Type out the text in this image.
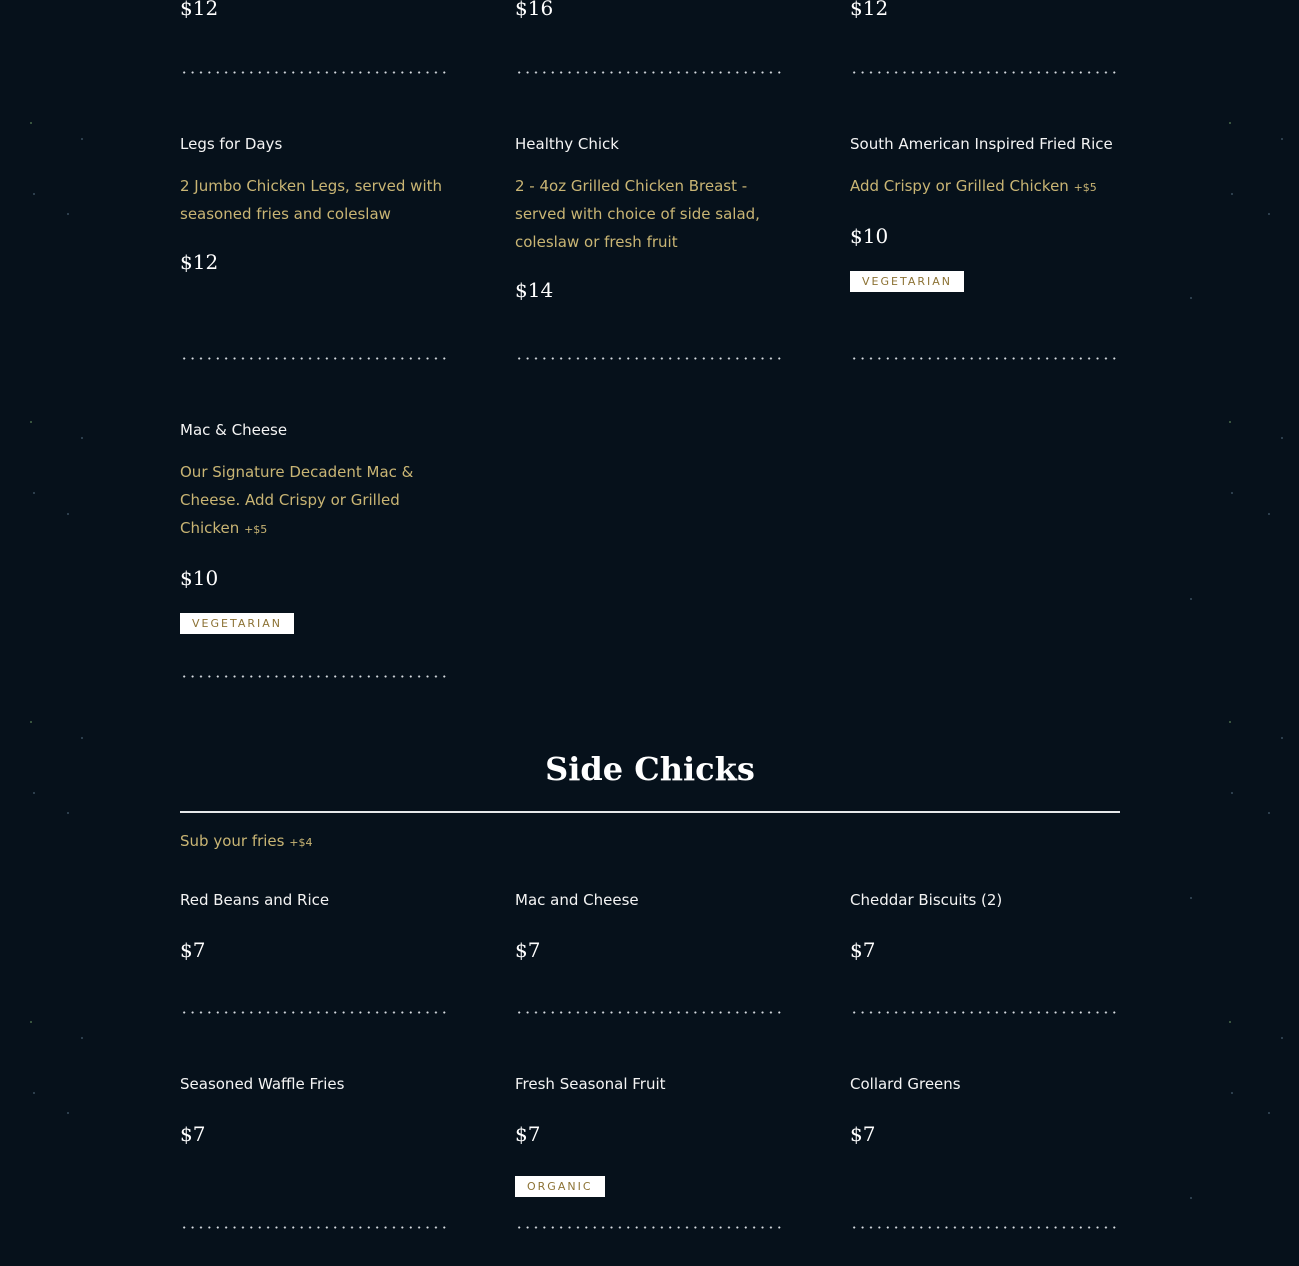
$12	$16	$12
Legs for Days
2 Jumbo Chicken Legs, served with seasoned fries and coleslaw
$12
Healthy Chick
2 - 4oz Grilled Chicken Breast - served with choice of side salad, coleslaw or fresh fruit
$14
South American Inspired Fried Rice
Add Crispy or Grilled Chicken +$5
$10
VEGETARIAN
Mac & Cheese
Our Signature Decadent Mac & Cheese. Add Crispy or Grilled Chicken +$5
$10
VEGETARIAN
Side Chicks
Sub your fries +$4
Red Beans and Rice
$7
Mac and Cheese
$7
Cheddar Biscuits (2)
$7
Seasoned Waffle Fries
$7
Fresh Seasonal Fruit
$7
ORGANIC
Collard Greens
$7
